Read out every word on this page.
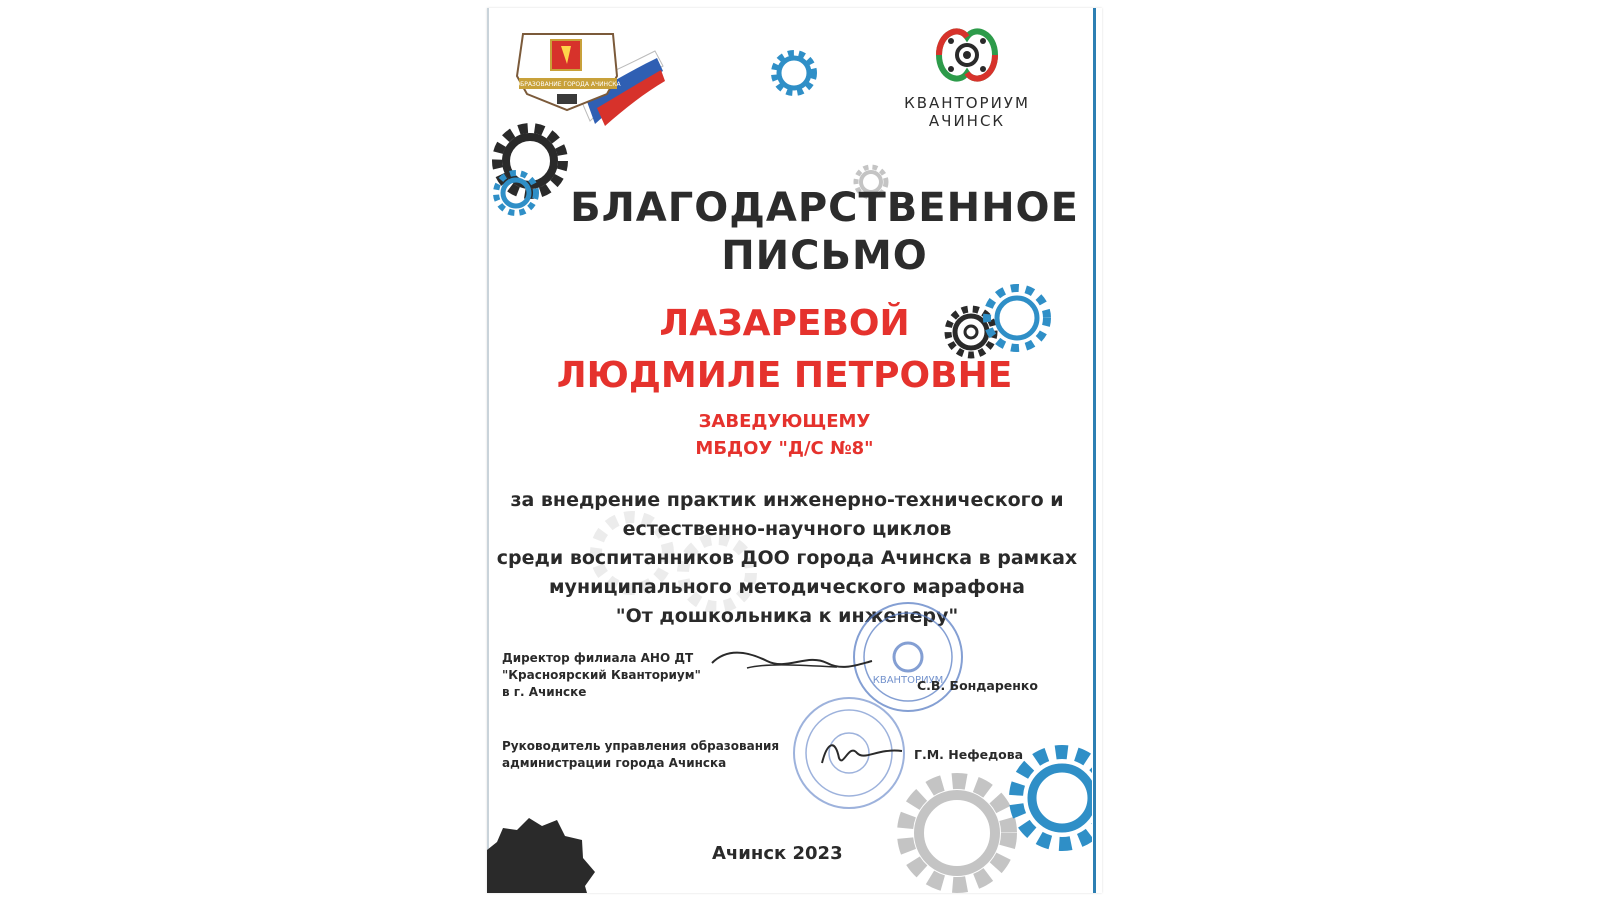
ОБРАЗОВАНИЕ ГОРОДА АЧИНСКА
КВАНТОРИУМ
АЧИНСК
БЛАГОДАРСТВЕННОЕ
ПИСЬМО
ЛАЗАРЕВОЙ
ЛЮДМИЛЕ ПЕТРОВНЕ
ЗАВЕДУЮЩЕМУ
МБДОУ "Д/С №8"
за внедрение практик инженерно-технического и
естественно-научного циклов
среди воспитанников ДОО города Ачинска в рамках
муниципального методического марафона
"От дошкольника к инженеру"
Директор филиала АНО ДТ
"Красноярский Кванториум"
в г. Ачинске
КВАНТОРИУМ
С.В. Бондаренко
Руководитель управления образования
администрации города Ачинска
Г.М. Нефедова
Ачинск 2023
